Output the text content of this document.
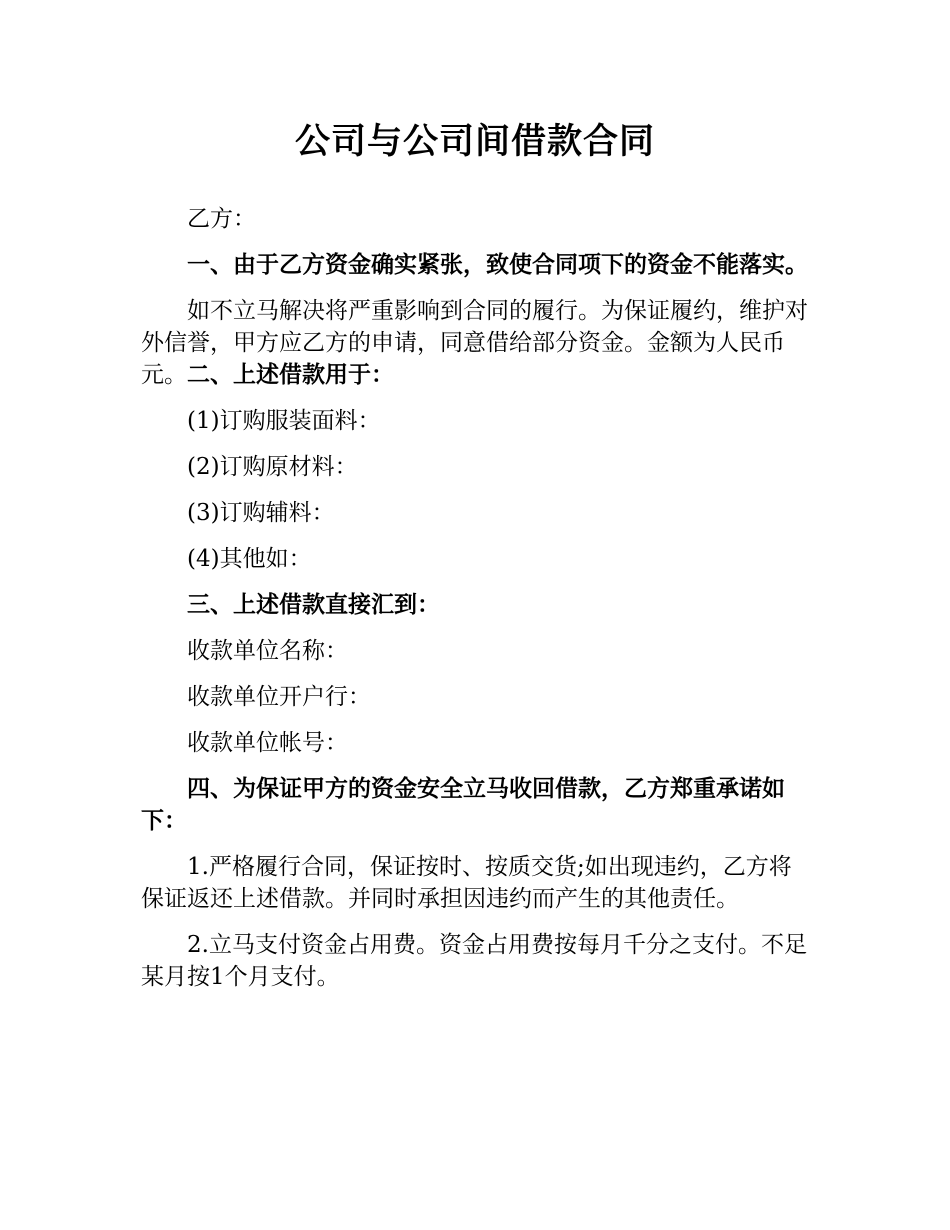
公司与公司间借款合同

乙方：

一、由于乙方资金确实紧张，致使合同项下的资金不能落实。

如不立马解决将严重影响到合同的履行。为保证履约，维护对外信誉，甲方应乙方的申请，同意借给部分资金。金额为人民币元。二、上述借款用于：

(1)订购服装面料：

(2)订购原材料：

(3)订购辅料：

(4)其他如：

三、上述借款直接汇到：

收款单位名称：

收款单位开户行：

收款单位帐号：

四、为保证甲方的资金安全立马收回借款，乙方郑重承诺如下：

1.严格履行合同，保证按时、按质交货;如出现违约，乙方将保证返还上述借款。并同时承担因违约而产生的其他责任。

2.立马支付资金占用费。资金占用费按每月千分之支付。不足某月按1个月支付。
